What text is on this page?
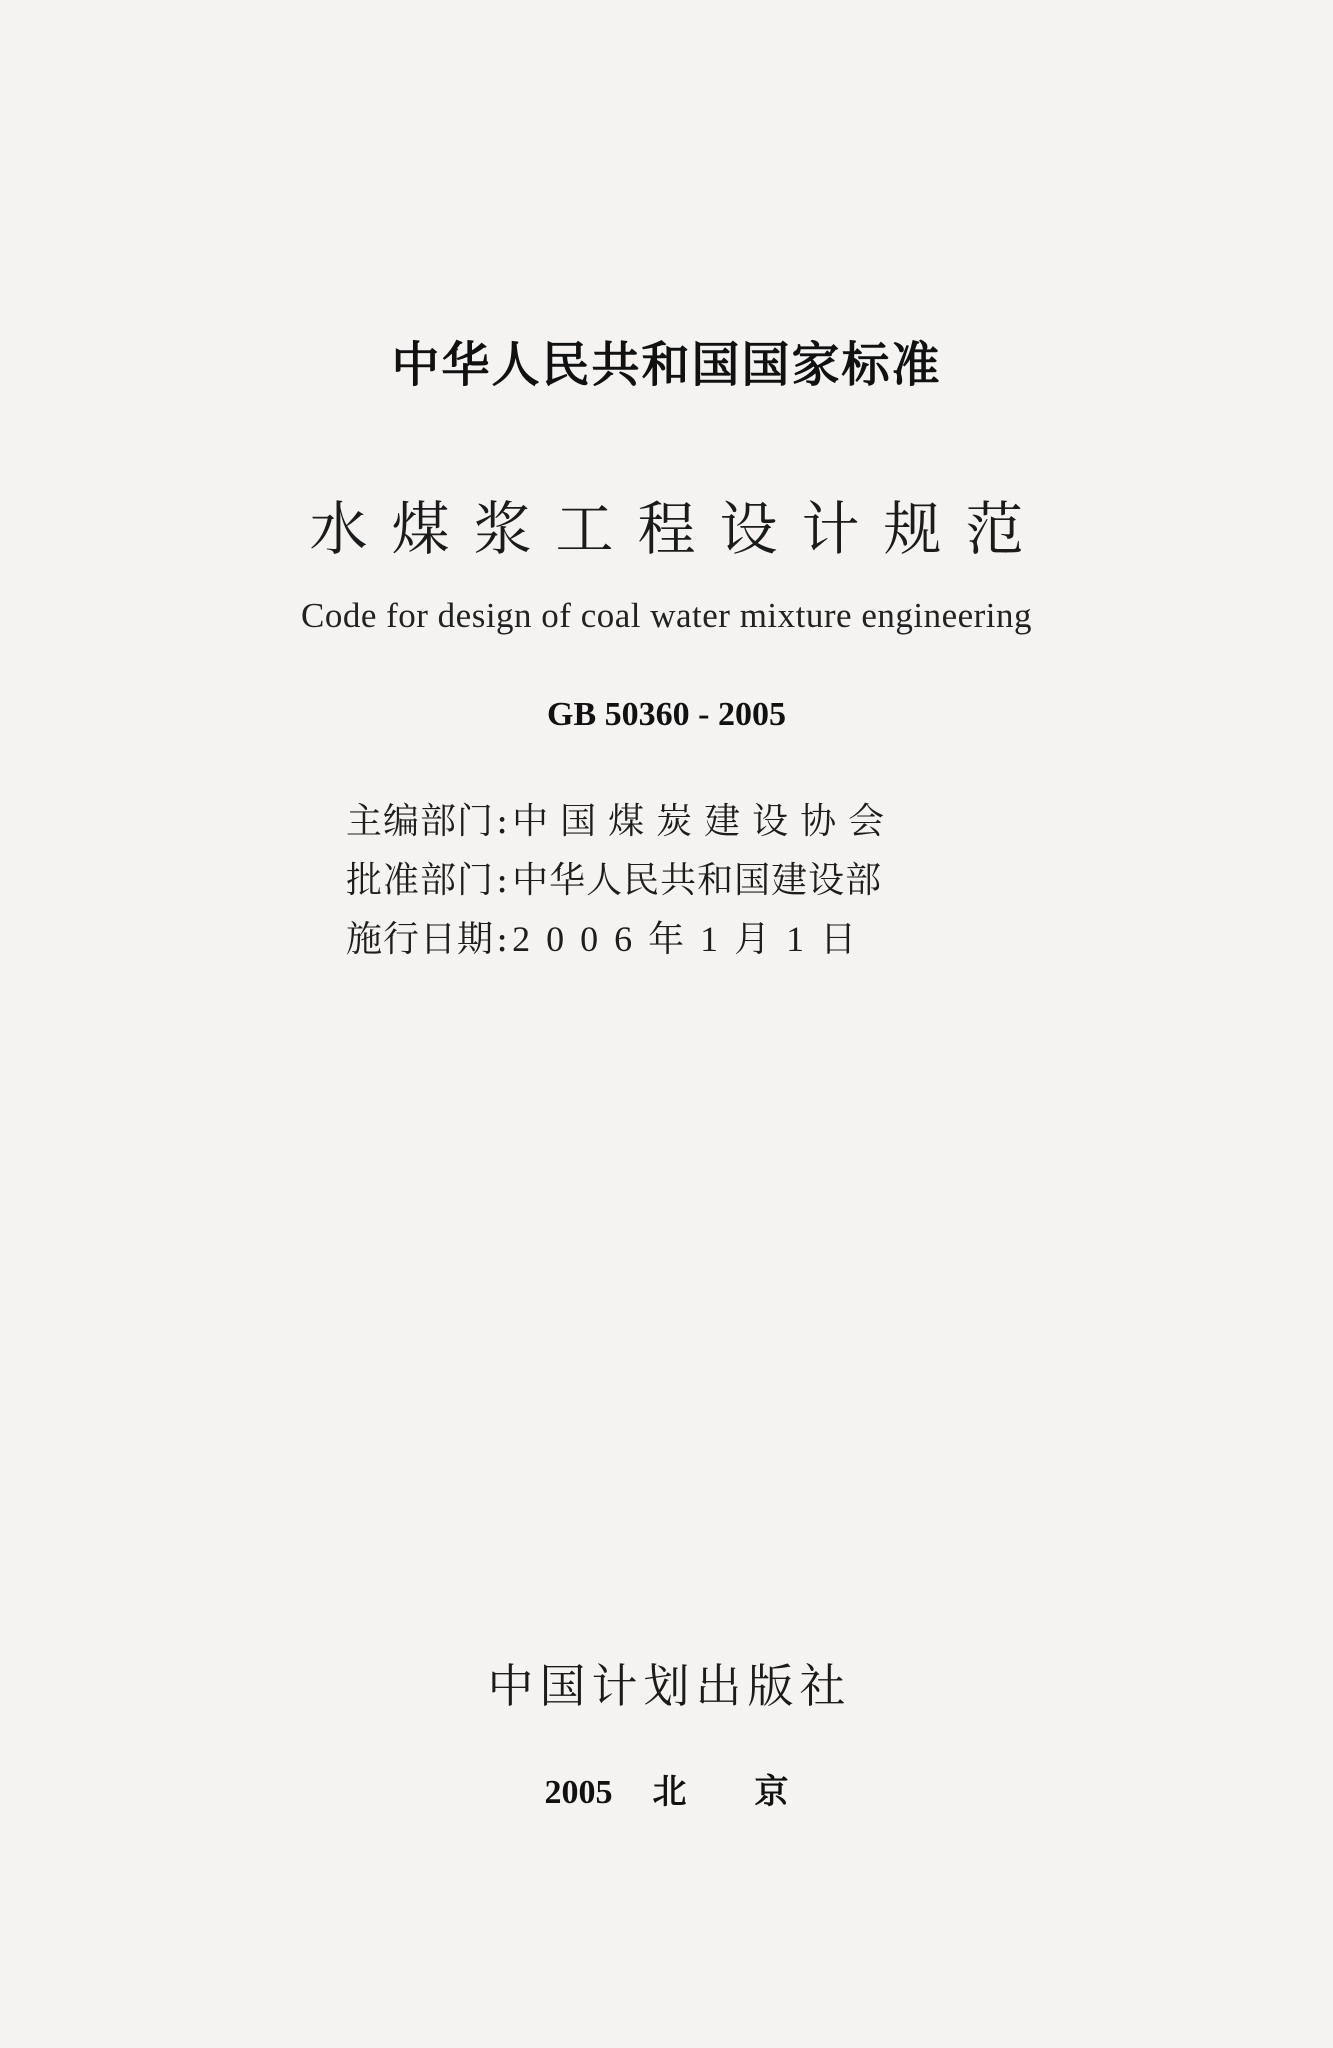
中华人民共和国国家标准
水煤浆工程设计规范
Code for design of coal water mixture engineering
GB 50360 - 2005
主编部门 : 中国煤炭建设协会
批准部门 : 中华人民共和国建设部
施行日期 : 2006年1月1日
中国计划出版社
2005 北京
